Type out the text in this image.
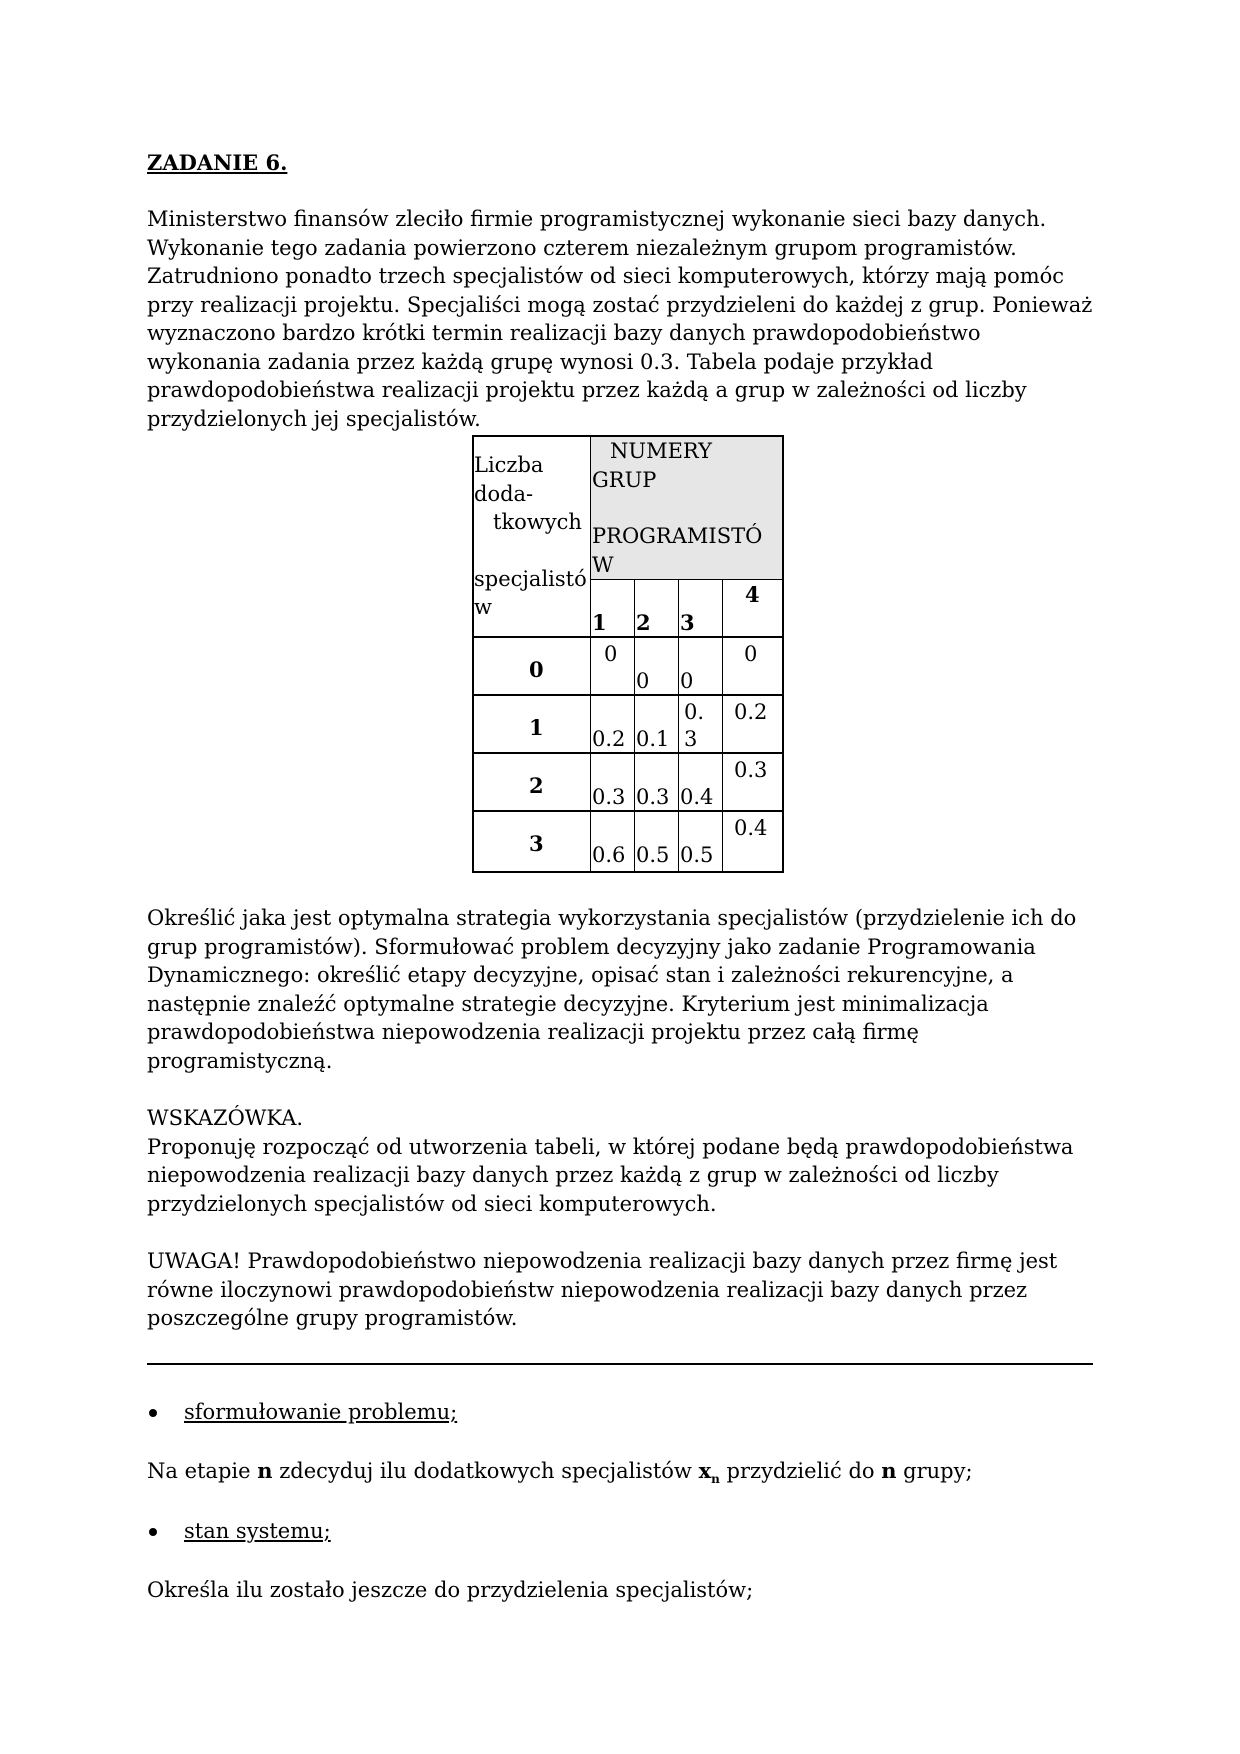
ZADANIE 6.

Ministerstwo finansów zleciło firmie programistycznej wykonanie sieci bazy danych. Wykonanie tego zadania powierzono czterem niezależnym grupom programistów. Zatrudniono ponadto trzech specjalistów od sieci komputerowych, którzy mają pomóc przy realizacji projektu. Specjaliści mogą zostać przydzieleni do każdej z grup. Ponieważ wyznaczono bardzo krótki termin realizacji bazy danych prawdopodobieństwo wykonania zadania przez każdą grupę wynosi 0.3. Tabela podaje przykład prawdopodobieństwa realizacji projektu przez każdą a grup w zależności od liczby przydzielonych jej specjalistów.

Liczba
doda-
tkowych
specjalistó
w
NUMERY
GRUP
PROGRAMISTÓ
W
1 2 3
4
0
0
0 0
0
1 0.2 0.1
0.
3
0.2
2 0.3 0.3 0.4
0.3
3 0.6 0.5 0.5
0.4

Określić jaka jest optymalna strategia wykorzystania specjalistów (przydzielenie ich do grup programistów). Sformułować problem decyzyjny jako zadanie Programowania Dynamicznego: określić etapy decyzyjne, opisać stan i zależności rekurencyjne, a następnie znaleźć optymalne strategie decyzyjne. Kryterium jest minimalizacja prawdopodobieństwa niepowodzenia realizacji projektu przez całą firmę programistyczną.

WSKAZÓWKA.
Proponuję rozpocząć od utworzenia tabeli, w której podane będą prawdopodobieństwa niepowodzenia realizacji bazy danych przez każdą z grup w zależności od liczby przydzielonych specjalistów od sieci komputerowych.

UWAGA! Prawdopodobieństwo niepowodzenia realizacji bazy danych przez firmę jest równe iloczynowi prawdopodobieństw niepowodzenia realizacji bazy danych przez poszczególne grupy programistów.

sformułowanie problemu;

Na etapie n zdecyduj ilu dodatkowych specjalistów $x_n$ przydzielić do n grupy;

stan systemu;

Określa ilu zostało jeszcze do przydzielenia specjalistów;
